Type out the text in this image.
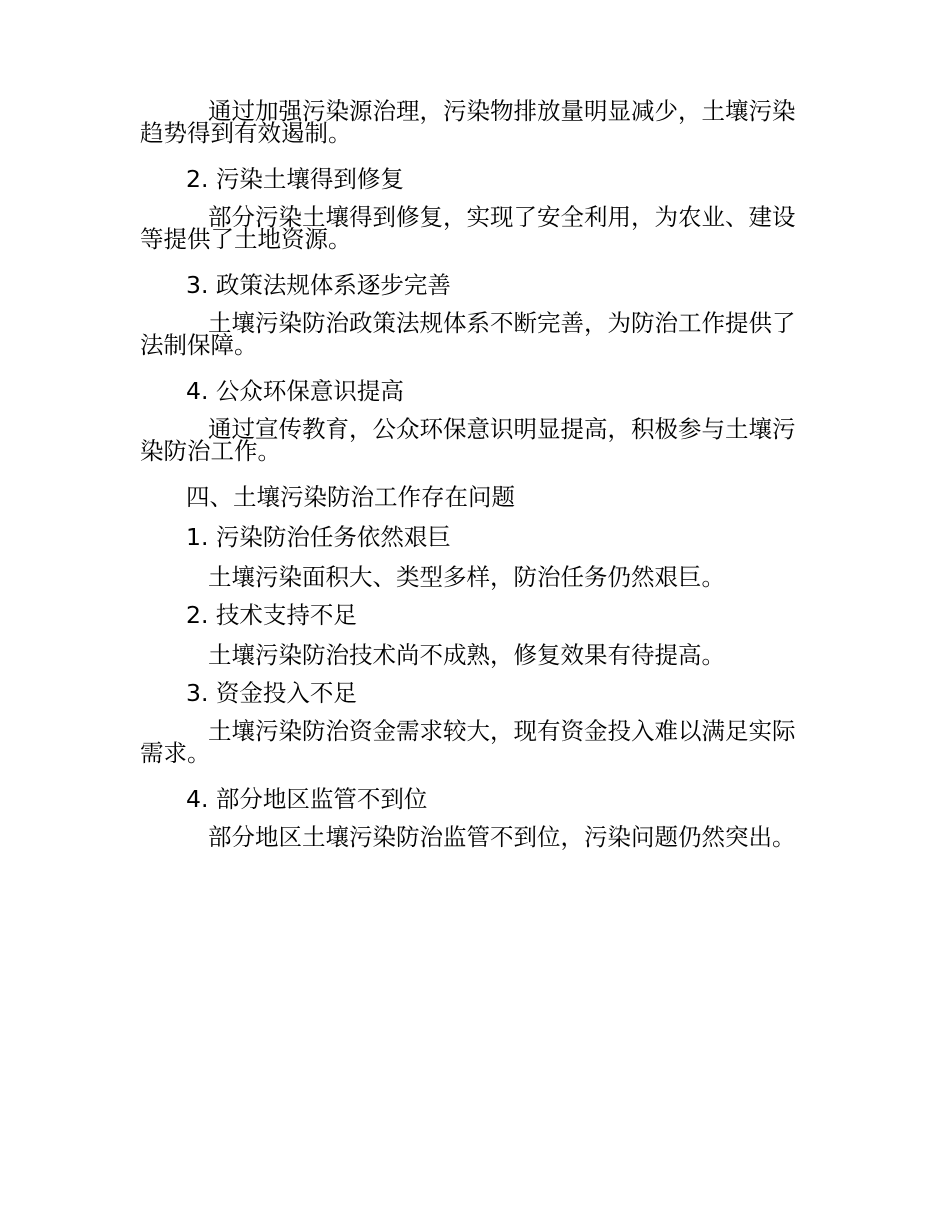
通过加强污染源治理，污染物排放量明显减少，土壤污染趋势得到有效遏制。

2. 污染土壤得到修复

部分污染土壤得到修复，实现了安全利用，为农业、建设等提供了土地资源。

3. 政策法规体系逐步完善

土壤污染防治政策法规体系不断完善，为防治工作提供了法制保障。

4. 公众环保意识提高

通过宣传教育，公众环保意识明显提高，积极参与土壤污染防治工作。

四、土壤污染防治工作存在问题
1. 污染防治任务依然艰巨
土壤污染面积大、类型多样，防治任务仍然艰巨。
2. 技术支持不足
土壤污染防治技术尚不成熟，修复效果有待提高。
3. 资金投入不足

土壤污染防治资金需求较大，现有资金投入难以满足实际需求。

4. 部分地区监管不到位

部分地区土壤污染防治监管不到位，污染问题仍然突出。
